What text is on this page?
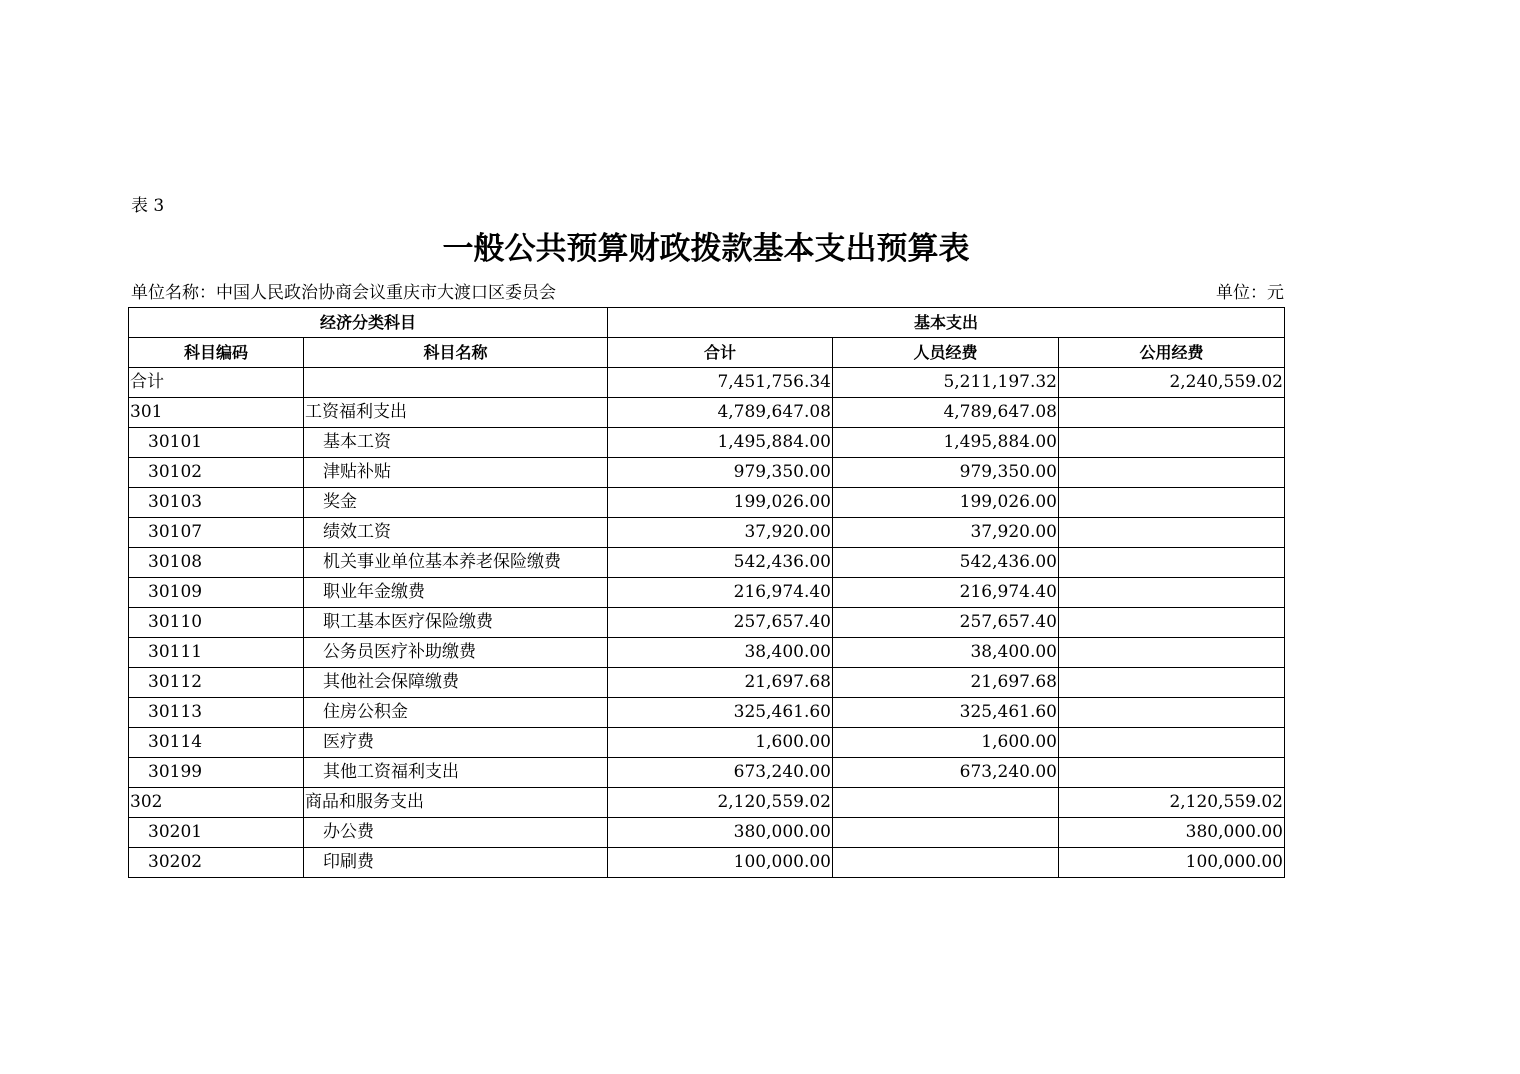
表 3
一般公共预算财政拨款基本支出预算表
单位名称：中国人民政治协商会议重庆市大渡口区委员会	单位：元
经济分类科目		基本支出		
科目编码	科目名称	合计	人员经费	公用经费
合计		7,451,756.34	5,211,197.32	2,240,559.02
301	工资福利支出	4,789,647.08	4,789,647.08	
30101	基本工资	1,495,884.00	1,495,884.00	
30102	津贴补贴	979,350.00	979,350.00	
30103	奖金	199,026.00	199,026.00	
30107	绩效工资	37,920.00	37,920.00	
30108	机关事业单位基本养老保险缴费	542,436.00	542,436.00	
30109	职业年金缴费	216,974.40	216,974.40	
30110	职工基本医疗保险缴费	257,657.40	257,657.40	
30111	公务员医疗补助缴费	38,400.00	38,400.00	
30112	其他社会保障缴费	21,697.68	21,697.68	
30113	住房公积金	325,461.60	325,461.60	
30114	医疗费	1,600.00	1,600.00	
30199	其他工资福利支出	673,240.00	673,240.00	
302	商品和服务支出	2,120,559.02		2,120,559.02
30201	办公费	380,000.00		380,000.00
30202	印刷费	100,000.00		100,000.00
